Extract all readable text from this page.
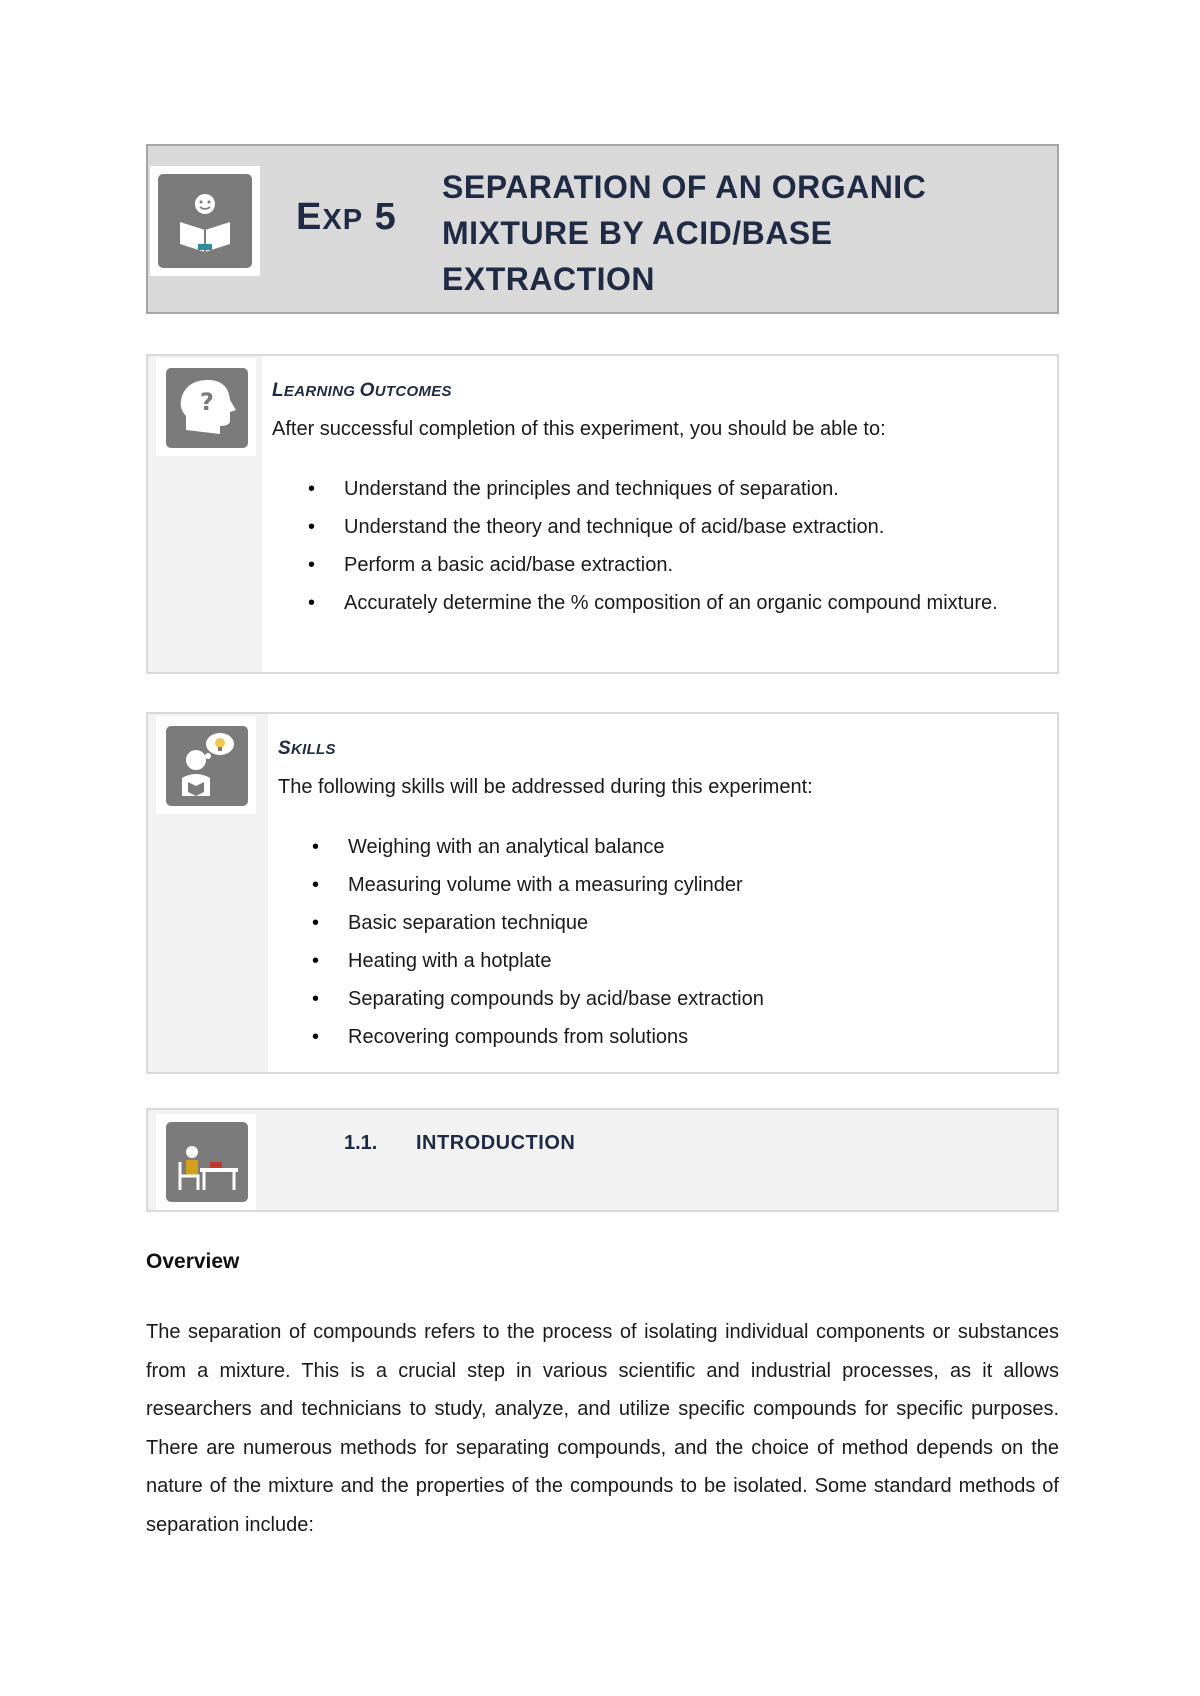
EXP 5
SEPARATION OF AN ORGANIC MIXTURE BY ACID/BASE EXTRACTION
?	LEARNING OUTCOMES
After successful completion of this experiment, you should be able to:
• Understand the principles and techniques of separation.
• Understand the theory and technique of acid/base extraction.
• Perform a basic acid/base extraction.
• Accurately determine the % composition of an organic compound mixture.
SKILLS
The following skills will be addressed during this experiment:
• Weighing with an analytical balance
• Measuring volume with a measuring cylinder
• Basic separation technique
• Heating with a hotplate
• Separating compounds by acid/base extraction
• Recovering compounds from solutions
1.1. INTRODUCTION
Overview
The separation of compounds refers to the process of isolating individual components or substances from a mixture. This is a crucial step in various scientific and industrial processes, as it allows researchers and technicians to study, analyze, and utilize specific compounds for specific purposes. There are numerous methods for separating compounds, and the choice of method depends on the nature of the mixture and the properties of the compounds to be isolated. Some standard methods of separation include:
